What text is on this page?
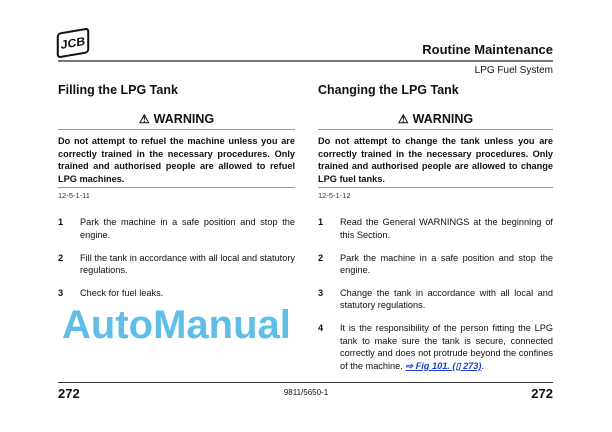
JCB	Routine Maintenance
LPG Fuel System
Filling the LPG Tank
⚠ WARNING
Do not attempt to refuel the machine unless you are correctly trained in the necessary procedures. Only trained and authorised people are allowed to refuel LPG machines.
12-5-1-11
1	Park the machine in a safe position and stop the engine.
2	Fill the tank in accordance with all local and statutory regulations.
3	Check for fuel leaks.
Changing the LPG Tank
⚠ WARNING
Do not attempt to change the tank unless you are correctly trained in the necessary procedures. Only trained and authorised people are allowed to change LPG fuel tanks.
12-5-1-12
1	Read the General WARNINGS at the beginning of this Section.
2	Park the machine in a safe position and stop the engine.
3	Change the tank in accordance with all local and statutory regulations.
4	It is the responsibility of the person fitting the LPG tank to make sure the tank is secure, connected correctly and does not protrude beyond the confines of the machine. ⇨ Fig 101. (▯ 273).
AutoManual
272	9811/5650-1	272
